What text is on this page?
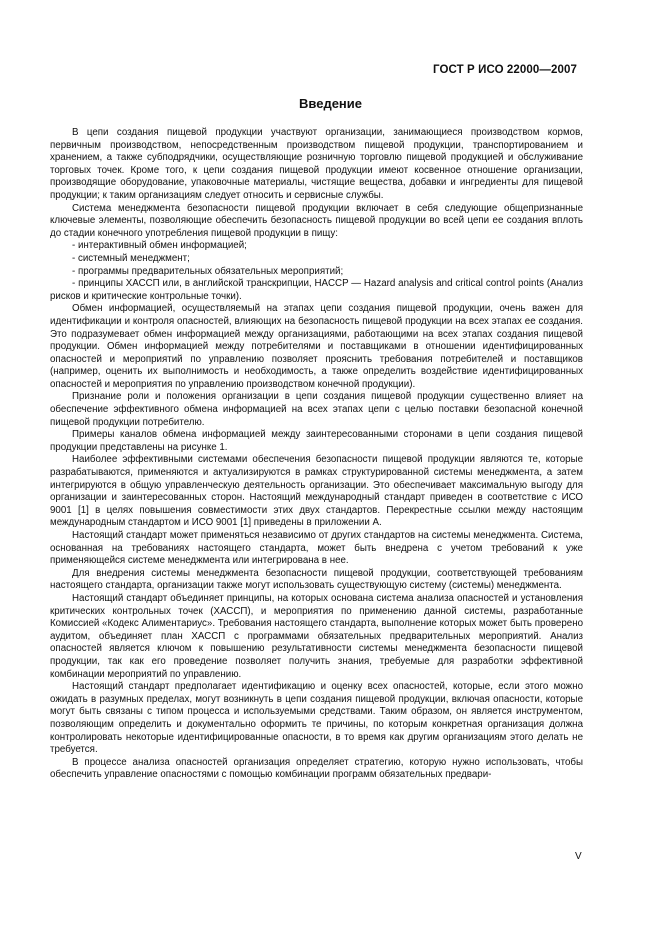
ГОСТ Р ИСО 22000—2007
Введение

В цепи создания пищевой продукции участвуют организации, занимающиеся производством кормов, первичным производством, непосредственным производством пищевой продукции, транспортированием и хранением, а также субподрядчики, осуществляющие розничную торговлю пищевой продукцией и обслуживание торговых точек. Кроме того, к цепи создания пищевой продукции имеют косвенное отношение организации, производящие оборудование, упаковочные материалы, чистящие вещества, добавки и ингредиенты для пищевой продукции; к таким организациям следует относить и сервисные службы.

Система менеджмента безопасности пищевой продукции включает в себя следующие общепризнанные ключевые элементы, позволяющие обеспечить безопасность пищевой продукции во всей цепи ее создания вплоть до стадии конечного употребления пищевой продукции в пищу:

- интерактивный обмен информацией;

- системный менеджмент;

- программы предварительных обязательных мероприятий;

- принципы ХАССП или, в английской транскрипции, HACCP — Hazard analysis and critical control points (Анализ рисков и критические контрольные точки).

Обмен информацией, осуществляемый на этапах цепи создания пищевой продукции, очень важен для идентификации и контроля опасностей, влияющих на безопасность пищевой продукции на всех этапах ее создания. Это подразумевает обмен информацией между организациями, работающими на всех этапах создания пищевой продукции. Обмен информацией между потребителями и поставщиками в отношении идентифицированных опасностей и мероприятий по управлению позволяет прояснить требования потребителей и поставщиков (например, оценить их выполнимость и необходимость, а также определить воздействие идентифицированных опасностей и мероприятия по управлению производством конечной продукции).

Признание роли и положения организации в цепи создания пищевой продукции существенно влияет на обеспечение эффективного обмена информацией на всех этапах цепи с целью поставки безопасной конечной пищевой продукции потребителю.

Примеры каналов обмена информацией между заинтересованными сторонами в цепи создания пищевой продукции представлены на рисунке 1.

Наиболее эффективными системами обеспечения безопасности пищевой продукции являются те, которые разрабатываются, применяются и актуализируются в рамках структурированной системы менеджмента, а затем интегрируются в общую управленческую деятельность организации. Это обеспечивает максимальную выгоду для организации и заинтересованных сторон. Настоящий международный стандарт приведен в соответствие с ИСО 9001 [1] в целях повышения совместимости этих двух стандартов. Перекрестные ссылки между настоящим международным стандартом и ИСО 9001 [1] приведены в приложении А.

Настоящий стандарт может применяться независимо от других стандартов на системы менеджмента. Система, основанная на требованиях настоящего стандарта, может быть внедрена с учетом требований к уже применяющейся системе менеджмента или интегрирована в нее.

Для внедрения системы менеджмента безопасности пищевой продукции, соответствующей требованиям настоящего стандарта, организации также могут использовать существующую систему (системы) менеджмента.

Настоящий стандарт объединяет принципы, на которых основана система анализа опасностей и установления критических контрольных точек (ХАССП), и мероприятия по применению данной системы, разработанные Комиссией «Кодекс Алиментариус». Требования настоящего стандарта, выполнение которых может быть проверено аудитом, объединяет план ХАССП с программами обязательных предварительных мероприятий. Анализ опасностей является ключом к повышению результативности системы менеджмента безопасности пищевой продукции, так как его проведение позволяет получить знания, требуемые для разработки эффективной комбинации мероприятий по управлению.

Настоящий стандарт предполагает идентификацию и оценку всех опасностей, которые, если этого можно ожидать в разумных пределах, могут возникнуть в цепи создания пищевой продукции, включая опасности, которые могут быть связаны с типом процесса и используемыми средствами. Таким образом, он является инструментом, позволяющим определить и документально оформить те причины, по которым конкретная организация должна контролировать некоторые идентифицированные опасности, в то время как другим организациям этого делать не требуется.

В процессе анализа опасностей организация определяет стратегию, которую нужно использовать, чтобы обеспечить управление опасностями с помощью комбинации программ обязательных предвари-

V
